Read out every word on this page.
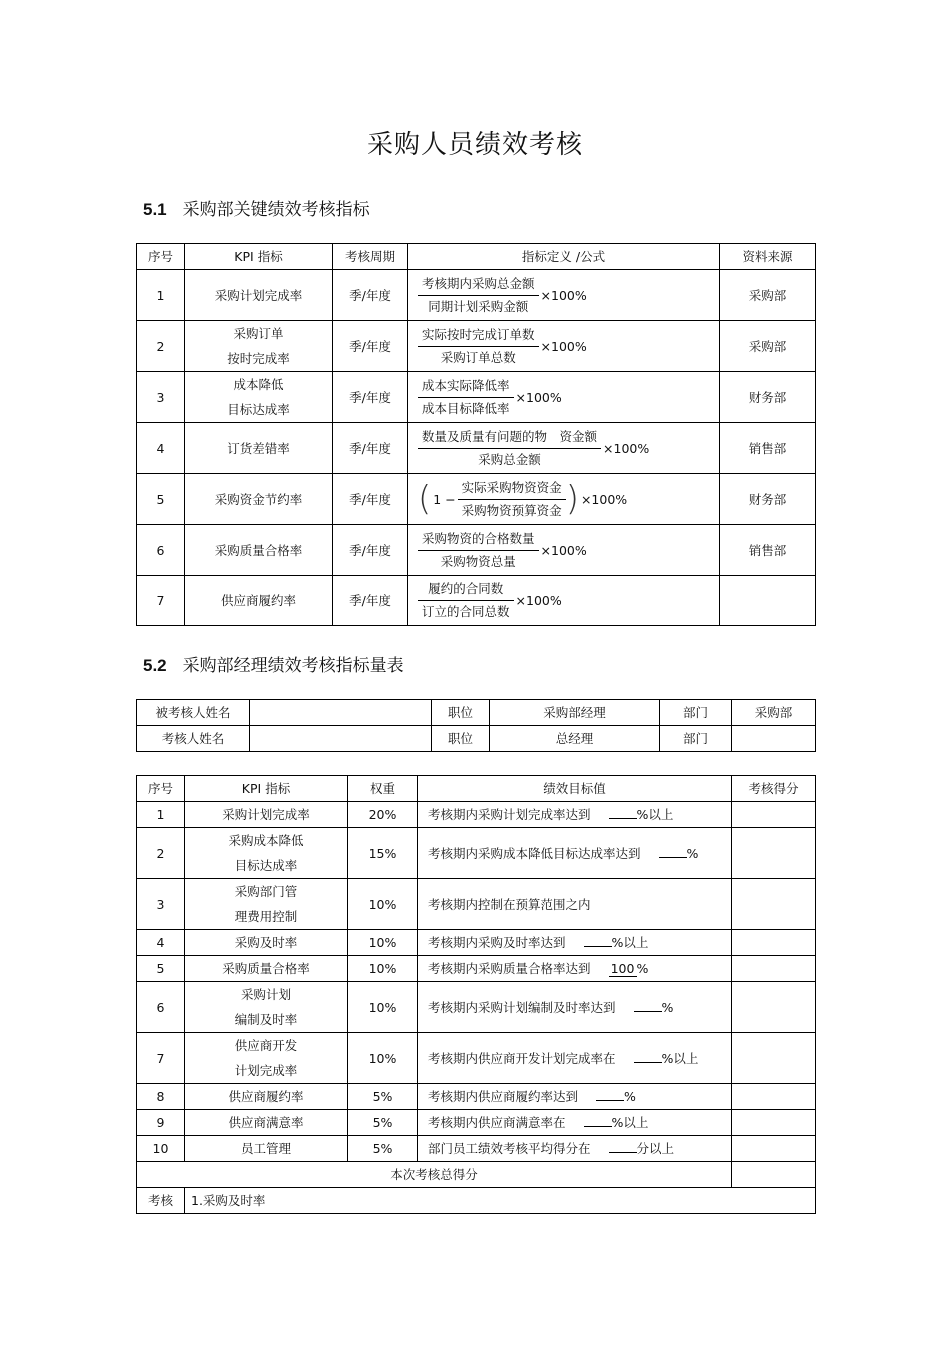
采购人员绩效考核
5.1 采购部关键绩效考核指标
序号	KPI 指标	考核周期	指标定义 /公式	资料来源
1	采购计划完成率	季/年度	$\frac{\text{考核期内采购总金额}}{\text{同期计划采购金额}} \times 100\%$	采购部
2	采购订单
按时完成率	季/年度	$\frac{\text{实际按时完成订单数}}{\text{采购订单总数}} \times 100\%$	采购部
3	成本降低
目标达成率	季/年度	$\frac{\text{成本实际降低率}}{\text{成本目标降低率}} \times 100\%$	财务部
4	订货差错率	季/年度	$\frac{\text{数量及质量有问题的物　资金额}}{\text{采购总金额}} \times 100\%$	销售部
5	采购资金节约率	季/年度	( $1 - \frac{\text{实际采购物资资金}}{\text{采购物资预算资金}}$ ) ×100%	财务部
6	采购质量合格率	季/年度	$\frac{\text{采购物资的合格数量}}{\text{采购物资总量}} \times 100\%$	销售部
7	供应商履约率	季/年度	$\frac{\text{履约的合同数}}{\text{订立的合同总数}} \times 100\%$	
5.2 采购部经理绩效考核指标量表
被考核人姓名		职位	采购部经理	部门	采购部
考核人姓名		职位	总经理	部门	
序号	KPI 指标	权重	绩效目标值	考核得分
1	采购计划完成率	20%	考核期内采购计划完成率达到 %以上	
2	采购成本降低
目标达成率	15%	考核期内采购成本降低目标达成率达到 %	
3	采购部门管
理费用控制	10%	考核期内控制在预算范围之内	
4	采购及时率	10%	考核期内采购及时率达到 %以上	
5	采购质量合格率	10%	考核期内采购质量合格率达到 100 %	
6	采购计划
编制及时率	10%	考核期内采购计划编制及时率达到 %	
7	供应商开发
计划完成率	10%	考核期内供应商开发计划完成率在 %以上	
8	供应商履约率	5%	考核期内供应商履约率达到 %	
9	供应商满意率	5%	考核期内供应商满意率在 %以上	
10	员工管理	5%	部门员工绩效考核平均得分在 分以上	
本次考核总得分				
考核	1.采购及时率			
